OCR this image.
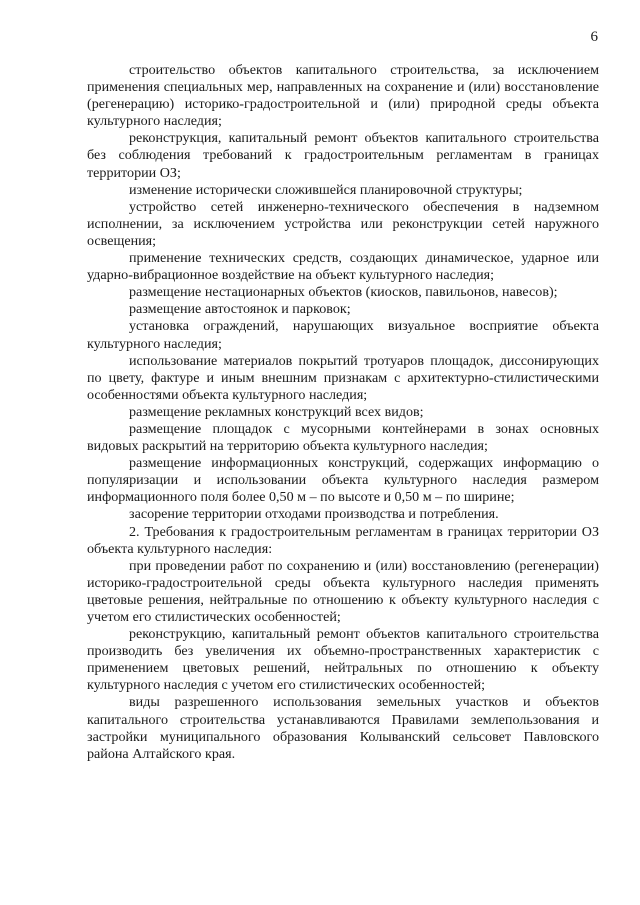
6

строительство объектов капитального строительства, за исключением применения специальных мер, направленных на сохранение и (или) восстановление (регенерацию) историко-градостроительной и (или) природной среды объекта культурного наследия;

реконструкция, капитальный ремонт объектов капитального строительства без соблюдения требований к градостроительным регламентам в границах территории ОЗ;

изменение исторически сложившейся планировочной структуры;

устройство сетей инженерно-технического обеспечения в надземном исполнении, за исключением устройства или реконструкции сетей наружного освещения;

применение технических средств, создающих динамическое, ударное или ударно-вибрационное воздействие на объект культурного наследия;

размещение нестационарных объектов (киосков, павильонов, навесов);

размещение автостоянок и парковок;

установка ограждений, нарушающих визуальное восприятие объекта культурного наследия;

использование материалов покрытий тротуаров площадок, диссонирующих по цвету, фактуре и иным внешним признакам с архитектурно-стилистическими особенностями объекта культурного наследия;

размещение рекламных конструкций всех видов;

размещение площадок с мусорными контейнерами в зонах основных видовых раскрытий на территорию объекта культурного наследия;

размещение информационных конструкций, содержащих информацию о популяризации и использовании объекта культурного наследия размером информационного поля более 0,50 м – по высоте и 0,50 м – по ширине;

засорение территории отходами производства и потребления.

2. Требования к градостроительным регламентам в границах территории ОЗ объекта культурного наследия:

при проведении работ по сохранению и (или) восстановлению (регенерации) историко-градостроительной среды объекта культурного наследия применять цветовые решения, нейтральные по отношению к объекту культурного наследия с учетом его стилистических особенностей;

реконструкцию, капитальный ремонт объектов капитального строительства производить без увеличения их объемно-пространственных характеристик с применением цветовых решений, нейтральных по отношению к объекту культурного наследия с учетом его стилистических особенностей;

виды разрешенного использования земельных участков и объектов капитального строительства устанавливаются Правилами землепользования и застройки муниципального образования Колыванский сельсовет Павловского района Алтайского края.
